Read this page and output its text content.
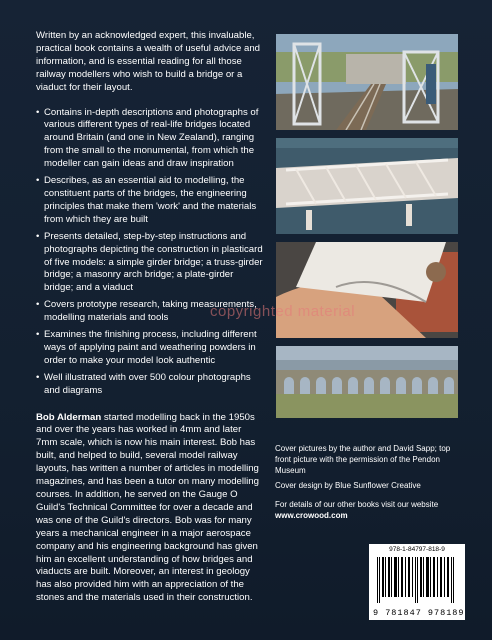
Written by an acknowledged expert, this invaluable, practical book contains a wealth of useful advice and information, and is essential reading for all those railway modellers who wish to build a bridge or a viaduct for their layout.

• Contains in-depth descriptions and photographs of various different types of real-life bridges located around Britain (and one in New Zealand), ranging from the small to the monumental, from which the modeller can gain ideas and draw inspiration
• Describes, as an essential aid to modelling, the constituent parts of the bridges, the engineering principles that make them 'work' and the materials from which they are built
• Presents detailed, step-by-step instructions and photographs depicting the construction in plasticard of five models: a simple girder bridge; a truss-girder bridge; a masonry arch bridge; a plate-girder bridge; and a viaduct
• Covers prototype research, taking measurements, modelling materials and tools
• Examines the finishing process, including different ways of applying paint and weathering powders in order to make your model look authentic
• Well illustrated with over 500 colour photographs and diagrams

Bob Alderman started modelling back in the 1950s and over the years has worked in 4mm and later 7mm scale, which is now his main interest. Bob has built, and helped to build, several model railway layouts, has written a number of articles in modelling magazines, and has been a tutor on many modelling courses. In addition, he served on the Gauge O Guild's Technical Committee for over a decade and was one of the Guild's directors. Bob was for many years a mechanical engineer in a major aerospace company and his engineering background has given him an excellent understanding of how bridges and viaducts are built. Moreover, an interest in geology has also provided him with an appreciation of the stones and the materials used in their construction.

copyrighted material

Cover pictures by the author and David Sapp; top front picture with the permission of the Pendon Museum

Cover design by Blue Sunflower Creative

For details of our other books visit our website www.crowood.com

978-1-84797-818-9
9 781847 978189
